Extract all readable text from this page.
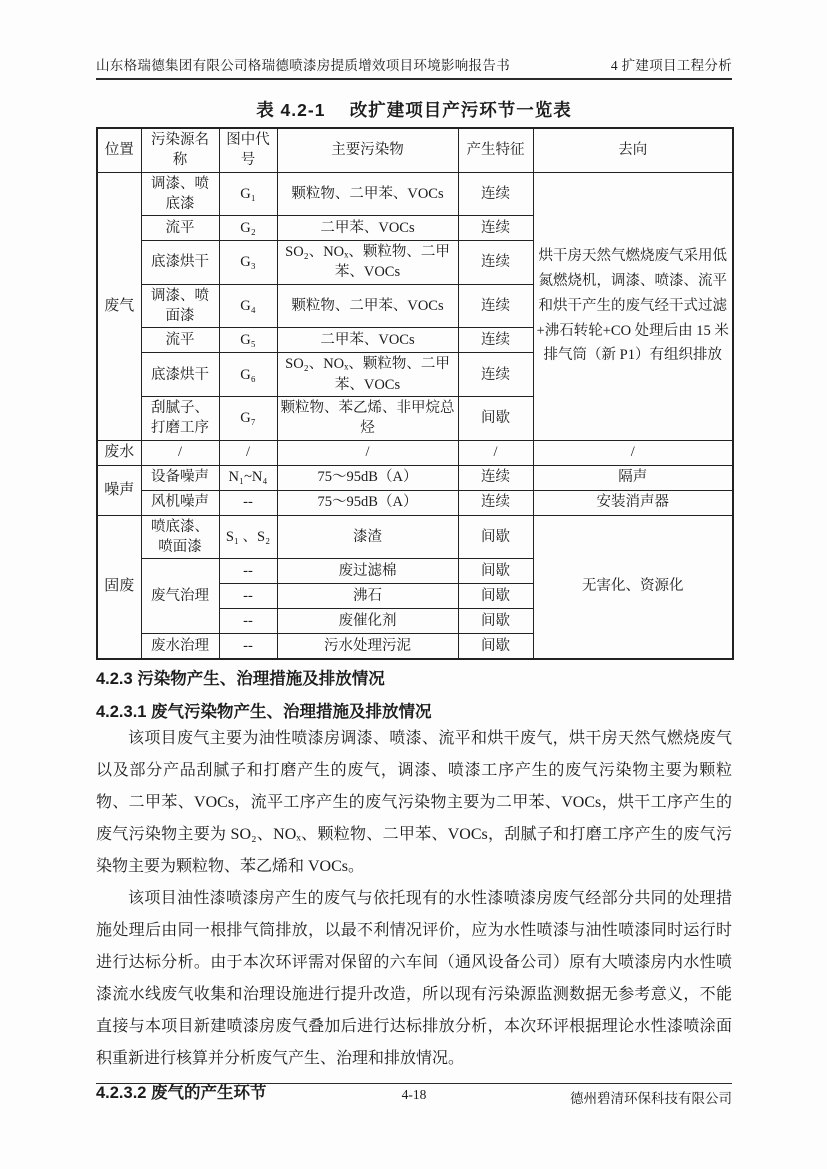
山东格瑞德集团有限公司格瑞德喷漆房提质增效项目环境影响报告书	4 扩建项目工程分析
表 4.2-1　 改扩建项目产污环节一览表
位置	污染源名称	图中代号	主要污染物	产生特征	去向
废气	调漆、喷底漆	G₁	颗粒物、二甲苯、VOCs	连续	烘干房天然气燃烧废气采用低氮燃烧机，调漆、喷漆、流平和烘干产生的废气经干式过滤+沸石转轮+CO 处理后由 15 米排气筒（新 P1）有组织排放
	流平	G₂	二甲苯、VOCs	连续	
	底漆烘干	G₃	SO₂、NOₓ、颗粒物、二甲苯、VOCs	连续	
	调漆、喷面漆	G₄	颗粒物、二甲苯、VOCs	连续	
	流平	G₅	二甲苯、VOCs	连续	
	底漆烘干	G₆	SO₂、NOₓ、颗粒物、二甲苯、VOCs	连续	
	刮腻子、打磨工序	G₇	颗粒物、苯乙烯、非甲烷总烃	间歇	
废水	/	/	/	/	/
噪声	设备噪声	N₁~N₄	75～95dB（A）	连续	隔声
	风机噪声	--	75～95dB（A）	连续	安装消声器
固废	喷底漆、喷面漆	S₁ 、S₂	漆渣	间歇	无害化、资源化
	废气治理	--	废过滤棉	间歇	
		--	沸石	间歇	
		--	废催化剂	间歇	
	废水治理	--	污水处理污泥	间歇	
4.2.3 污染物产生、治理措施及排放情况
4.2.3.1 废气污染物产生、治理措施及排放情况

该项目废气主要为油性喷漆房调漆、喷漆、流平和烘干废气，烘干房天然气燃烧废气以及部分产品刮腻子和打磨产生的废气，调漆、喷漆工序产生的废气污染物主要为颗粒物、二甲苯、VOCs，流平工序产生的废气污染物主要为二甲苯、VOCs，烘干工序产生的废气污染物主要为 SO₂、NOₓ、颗粒物、二甲苯、VOCs，刮腻子和打磨工序产生的废气污染物主要为颗粒物、苯乙烯和 VOCs。

该项目油性漆喷漆房产生的废气与依托现有的水性漆喷漆房废气经部分共同的处理措施处理后由同一根排气筒排放，以最不利情况评价，应为水性喷漆与油性喷漆同时运行时进行达标分析。由于本次环评需对保留的六车间（通风设备公司）原有大喷漆房内水性喷漆流水线废气收集和治理设施进行提升改造，所以现有污染源监测数据无参考意义，不能直接与本项目新建喷漆房废气叠加后进行达标排放分析，本次环评根据理论水性漆喷涂面积重新进行核算并分析废气产生、治理和排放情况。

4.2.3.2 废气的产生环节	4-18	德州碧清环保科技有限公司
